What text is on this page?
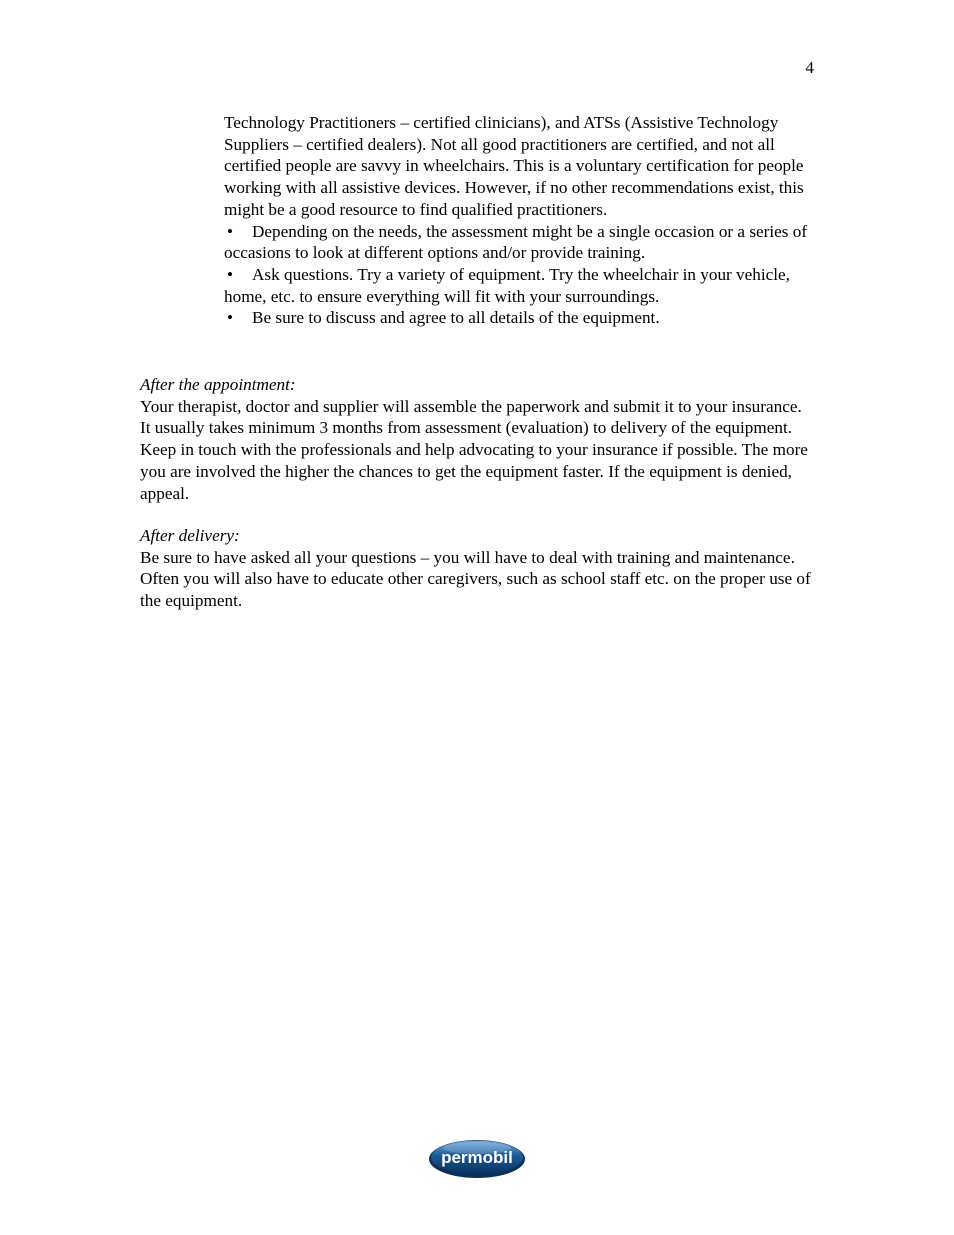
4

Technology Practitioners – certified clinicians), and ATSs (Assistive Technology Suppliers – certified dealers). Not all good practitioners are certified, and not all certified people are savvy in wheelchairs. This is a voluntary certification for people working with all assistive devices. However, if no other recommendations exist, this might be a good resource to find qualified practitioners.

• Depending on the needs, the assessment might be a single occasion or a series of occasions to look at different options and/or provide training.

• Ask questions. Try a variety of equipment. Try the wheelchair in your vehicle, home, etc. to ensure everything will fit with your surroundings.

• Be sure to discuss and agree to all details of the equipment.

After the appointment:

Your therapist, doctor and supplier will assemble the paperwork and submit it to your insurance. It usually takes minimum 3 months from assessment (evaluation) to delivery of the equipment. Keep in touch with the professionals and help advocating to your insurance if possible. The more you are involved the higher the chances to get the equipment faster. If the equipment is denied, appeal.

After delivery:

Be sure to have asked all your questions – you will have to deal with training and maintenance. Often you will also have to educate other caregivers, such as school staff etc. on the proper use of the equipment.

permobil
